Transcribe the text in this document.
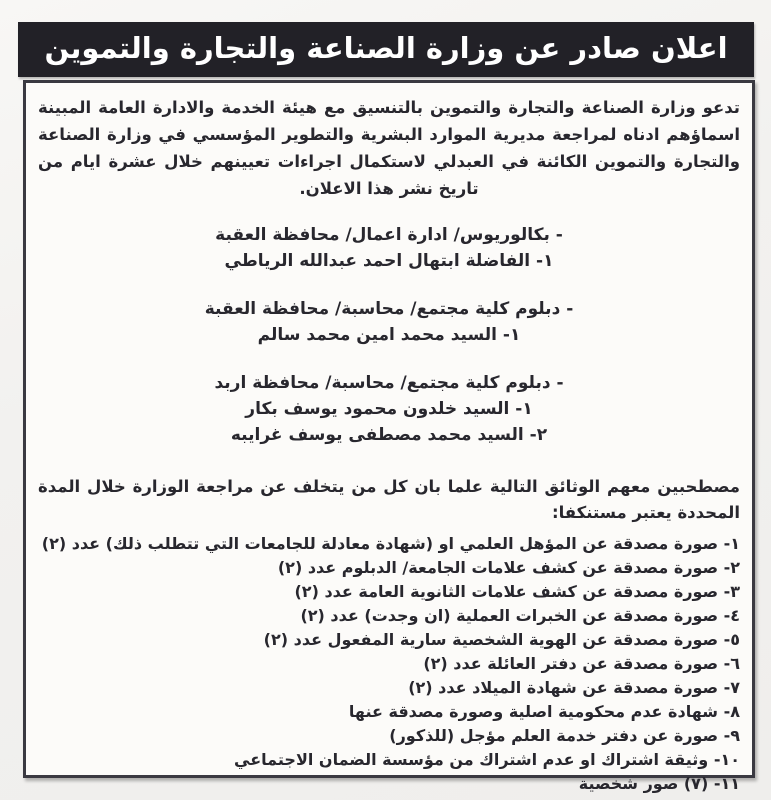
اعلان صادر عن وزارة الصناعة والتجارة والتموين

تدعو وزارة الصناعة والتجارة والتموين بالتنسيق مع هيئة الخدمة والادارة العامة المبينة اسماؤهم ادناه لمراجعة مديرية الموارد البشرية والتطوير المؤسسي في وزارة الصناعة والتجارة والتموين الكائنة في العبدلي لاستكمال اجراءات تعيينهم خلال عشرة ايام من تاريخ نشر هذا الاعلان.

- بكالوريوس/ ادارة اعمال/ محافظة العقبة
١- الفاضلة ابتهال احمد عبدالله الرياطي
- دبلوم كلية مجتمع/ محاسبة/ محافظة العقبة
١- السيد محمد امين محمد سالم
- دبلوم كلية مجتمع/ محاسبة/ محافظة اربد
١- السيد خلدون محمود يوسف بكار
٢- السيد محمد مصطفى يوسف غرايبه

مصطحبين معهم الوثائق التالية علما بان كل من يتخلف عن مراجعة الوزارة خلال المدة المحددة يعتبر مستنكفا:

١- صورة مصدقة عن المؤهل العلمي او (شهادة معادلة للجامعات التي تتطلب ذلك) عدد (٢)
٢- صورة مصدقة عن كشف علامات الجامعة/ الدبلوم عدد (٢)
٣- صورة مصدقة عن كشف علامات الثانوية العامة عدد (٢)
٤- صورة مصدقة عن الخبرات العملية (ان وجدت) عدد (٢)
٥- صورة مصدقة عن الهوية الشخصية سارية المفعول عدد (٢)
٦- صورة مصدقة عن دفتر العائلة عدد (٢)
٧- صورة مصدقة عن شهادة الميلاد عدد (٢)
٨- شهادة عدم محكومية اصلية وصورة مصدقة عنها
٩- صورة عن دفتر خدمة العلم مؤجل (للذكور)
١٠- وثيقة اشتراك او عدم اشتراك من مؤسسة الضمان الاجتماعي
١١- (٧) صور شخصية
